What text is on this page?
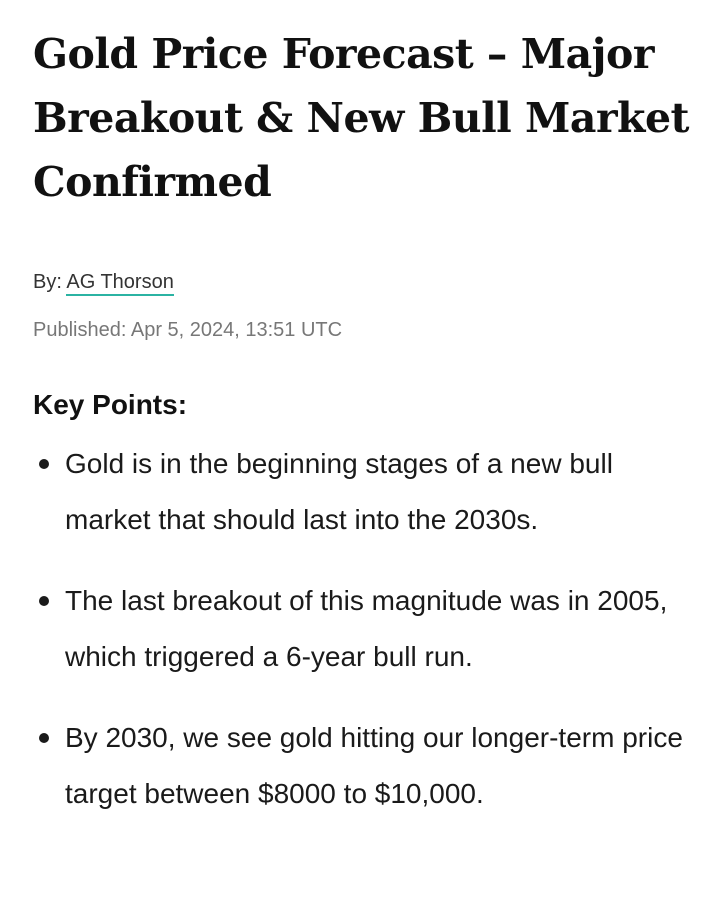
Gold Price Forecast – Major Breakout & New Bull Market Confirmed
By: AG Thorson
Published: Apr 5, 2024, 13:51 UTC
Key Points:
Gold is in the beginning stages of a new bull market that should last into the 2030s.
The last breakout of this magnitude was in 2005, which triggered a 6-year bull run.
By 2030, we see gold hitting our longer-term price target between $8000 to $10,000.
